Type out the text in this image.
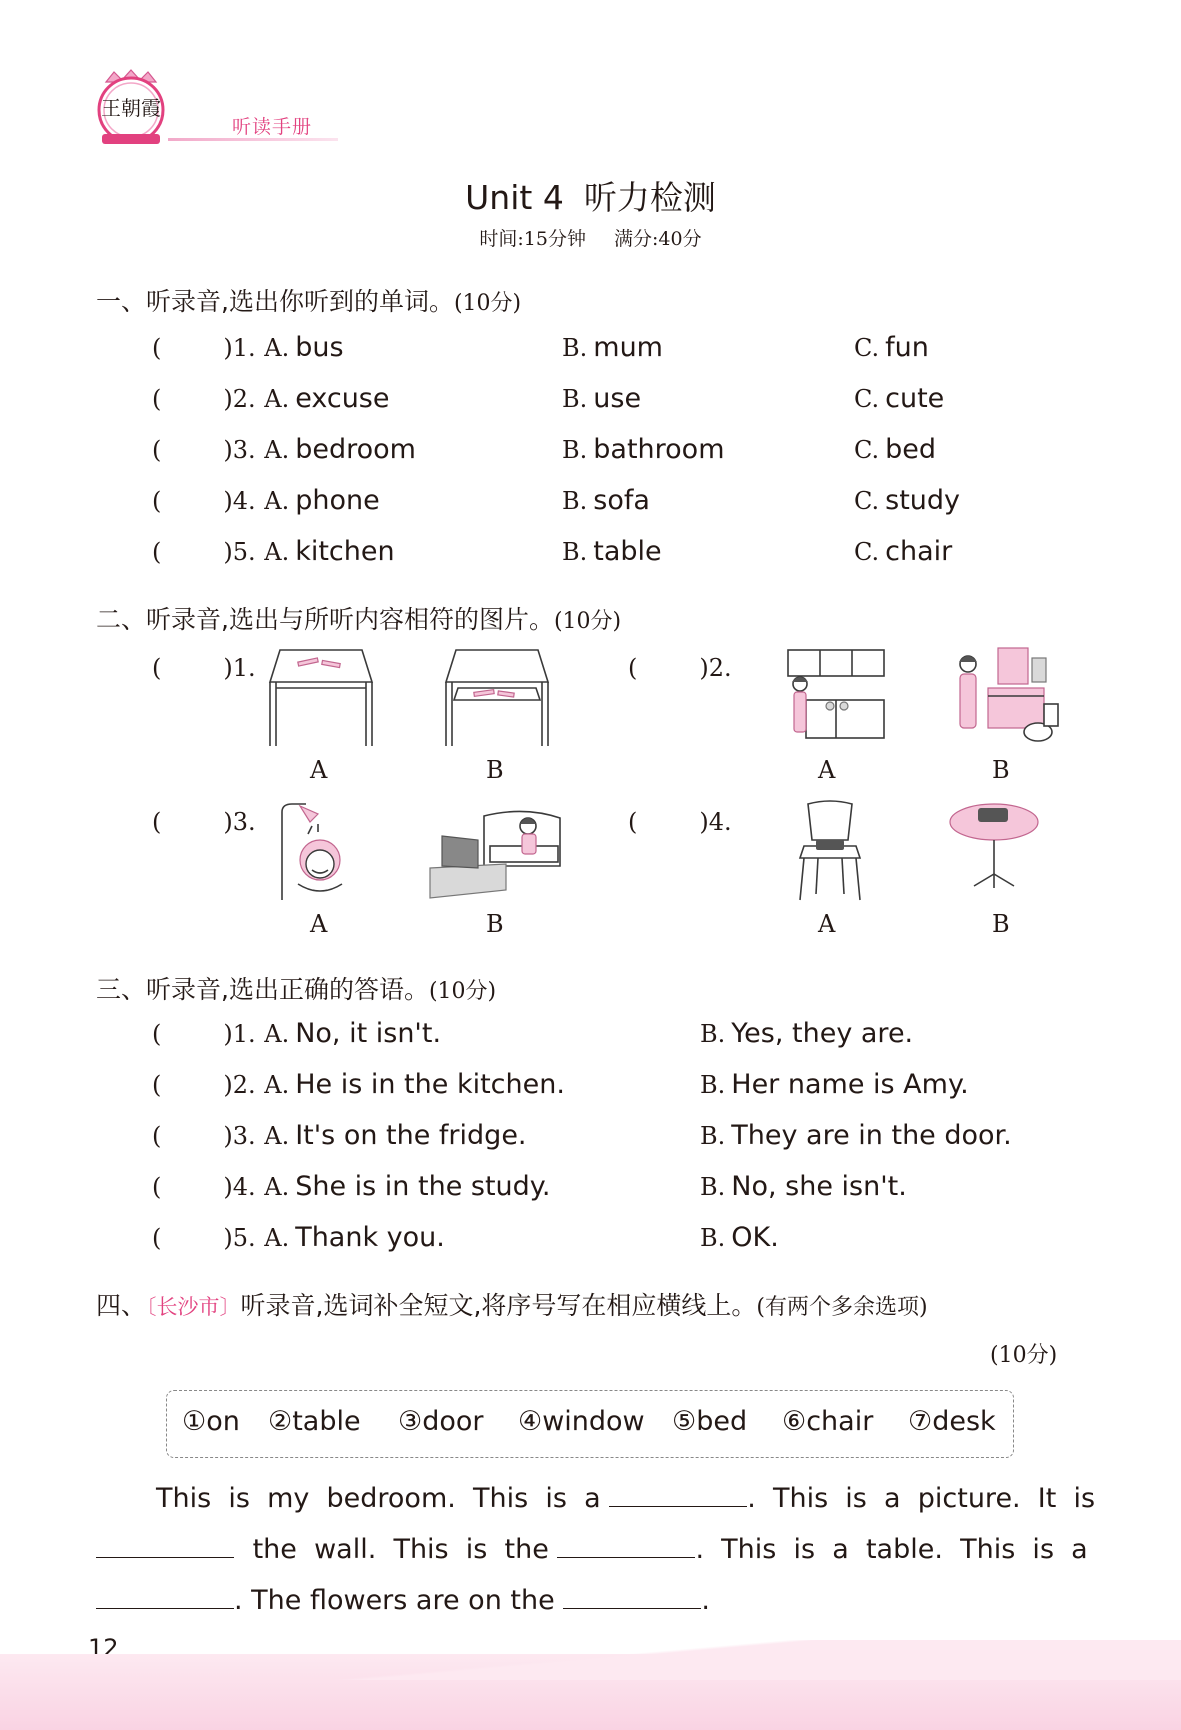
王朝霞
听读手册
Unit 4 听力检测
时间:15分钟 满分:40分
一、听录音,选出你听到的单词。(10分)
(	)1. A. bus	B. mum	C. fun
(	)2. A. excuse	B. use	C. cute
(	)3. A. bedroom	B. bathroom	C. bed
(	)4. A. phone	B. sofa	C. study
(	)5. A. kitchen	B. table	C. chair
二、听录音,选出与所听内容相符的图片。(10分)
(	)1.
A	B
(	)2.
A	B
(	)3.
A	B
(	)4.
A	B
三、听录音,选出正确的答语。(10分)
(	)1. A. No, it isn't.	B. Yes, they are.
(	)2. A. He is in the kitchen.	B. Her name is Amy.
(	)3. A. It's on the fridge.	B. They are in the door.
(	)4. A. She is in the study.	B. No, she isn't.
(	)5. A. Thank you.	B. OK.
四、〔长沙市〕听录音,选词补全短文,将序号写在相应横线上。(有两个多余选项)
(10分)
①on ②table ③door ④window ⑤bed ⑥chair ⑦desk
This  is  my  bedroom.  This  is  a	.  This  is  a  picture.  It  is
the  wall.  This  is  the	.  This  is  a  table.  This  is  a
. The flowers are on the	.
